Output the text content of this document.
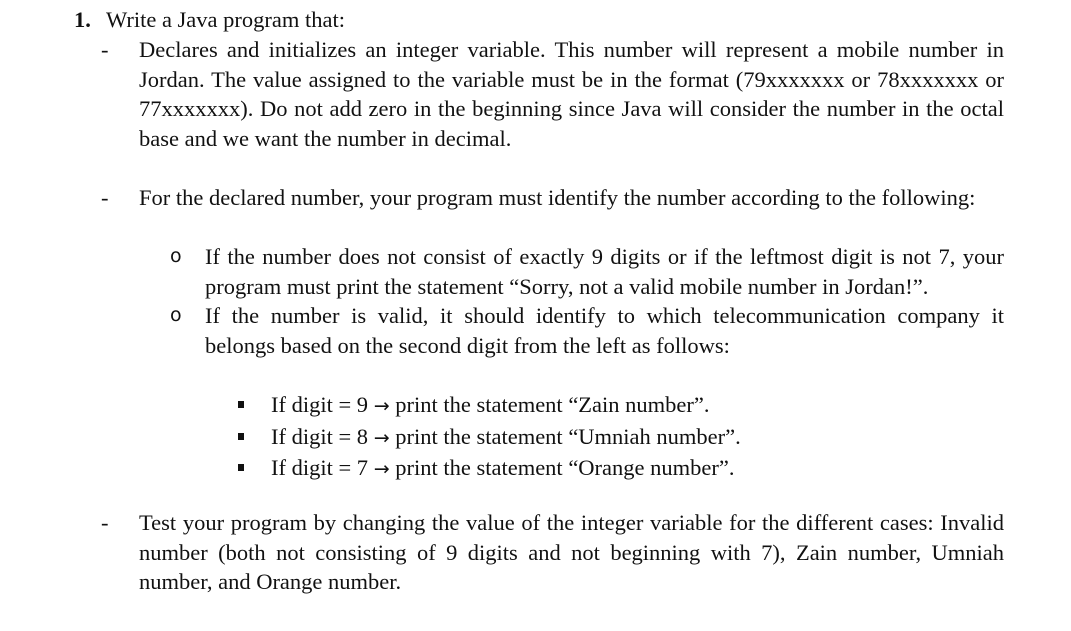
1. Write a Java program that:
-	Declares and initializes an integer variable. This number will represent a mobile number in Jordan. The value assigned to the variable must be in the format (79xxxxxxx or 78xxxxxxx or 77xxxxxxx). Do not add zero in the beginning since Java will consider the number in the octal base and we want the number in decimal.
-	For the declared number, your program must identify the number according to the following:
o	If the number does not consist of exactly 9 digits or if the leftmost digit is not 7, your program must print the statement “Sorry, not a valid mobile number in Jordan!”.
o	If the number is valid, it should identify to which telecommunication company it belongs based on the second digit from the left as follows:
If digit = 9 → print the statement “Zain number”.
If digit = 8 → print the statement “Umniah number”.
If digit = 7 → print the statement “Orange number”.
-	Test your program by changing the value of the integer variable for the different cases: Invalid number (both not consisting of 9 digits and not beginning with 7), Zain number, Umniah number, and Orange number.
